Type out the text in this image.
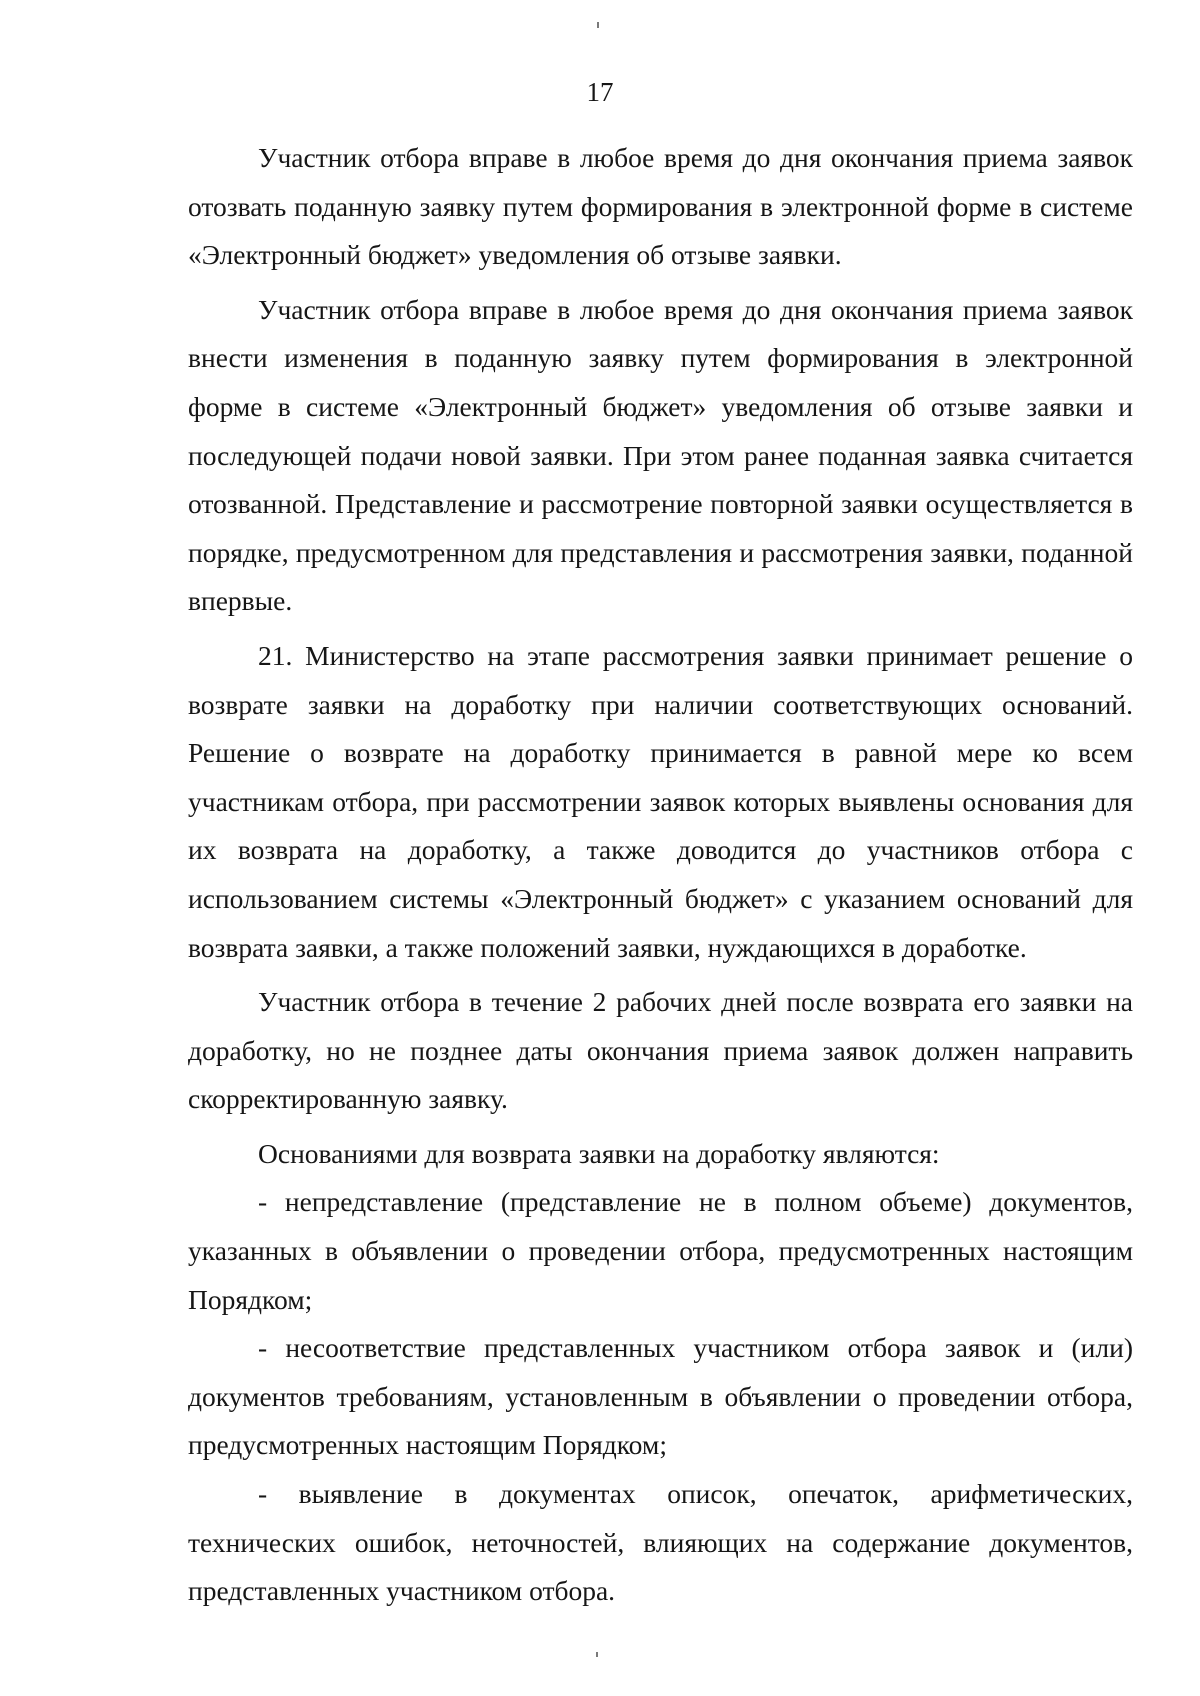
17

Участник отбора вправе в любое время до дня окончания приема заявок отозвать поданную заявку путем формирования в электронной форме в системе «Электронный бюджет» уведомления об отзыве заявки.

Участник отбора вправе в любое время до дня окончания приема заявок внести изменения в поданную заявку путем формирования в электронной форме в системе «Электронный бюджет» уведомления об отзыве заявки и последующей подачи новой заявки. При этом ранее поданная заявка считается отозванной. Представление и рассмотрение повторной заявки осуществляется в порядке, предусмотренном для представления и рассмотрения заявки, поданной впервые.

21. Министерство на этапе рассмотрения заявки принимает решение о возврате заявки на доработку при наличии соответствующих оснований. Решение о возврате на доработку принимается в равной мере ко всем участникам отбора, при рассмотрении заявок которых выявлены основания для их возврата на доработку, а также доводится до участников отбора с использованием системы «Электронный бюджет» с указанием оснований для возврата заявки, а также положений заявки, нуждающихся в доработке.

Участник отбора в течение 2 рабочих дней после возврата его заявки на доработку, но не позднее даты окончания приема заявок должен направить скорректированную заявку.

Основаниями для возврата заявки на доработку являются:

- непредставление (представление не в полном объеме) документов, указанных в объявлении о проведении отбора, предусмотренных настоящим Порядком;

- несоответствие представленных участником отбора заявок и (или) документов требованиям, установленным в объявлении о проведении отбора, предусмотренных настоящим Порядком;

- выявление в документах описок, опечаток, арифметических, технических ошибок, неточностей, влияющих на содержание документов, представленных участником отбора.
